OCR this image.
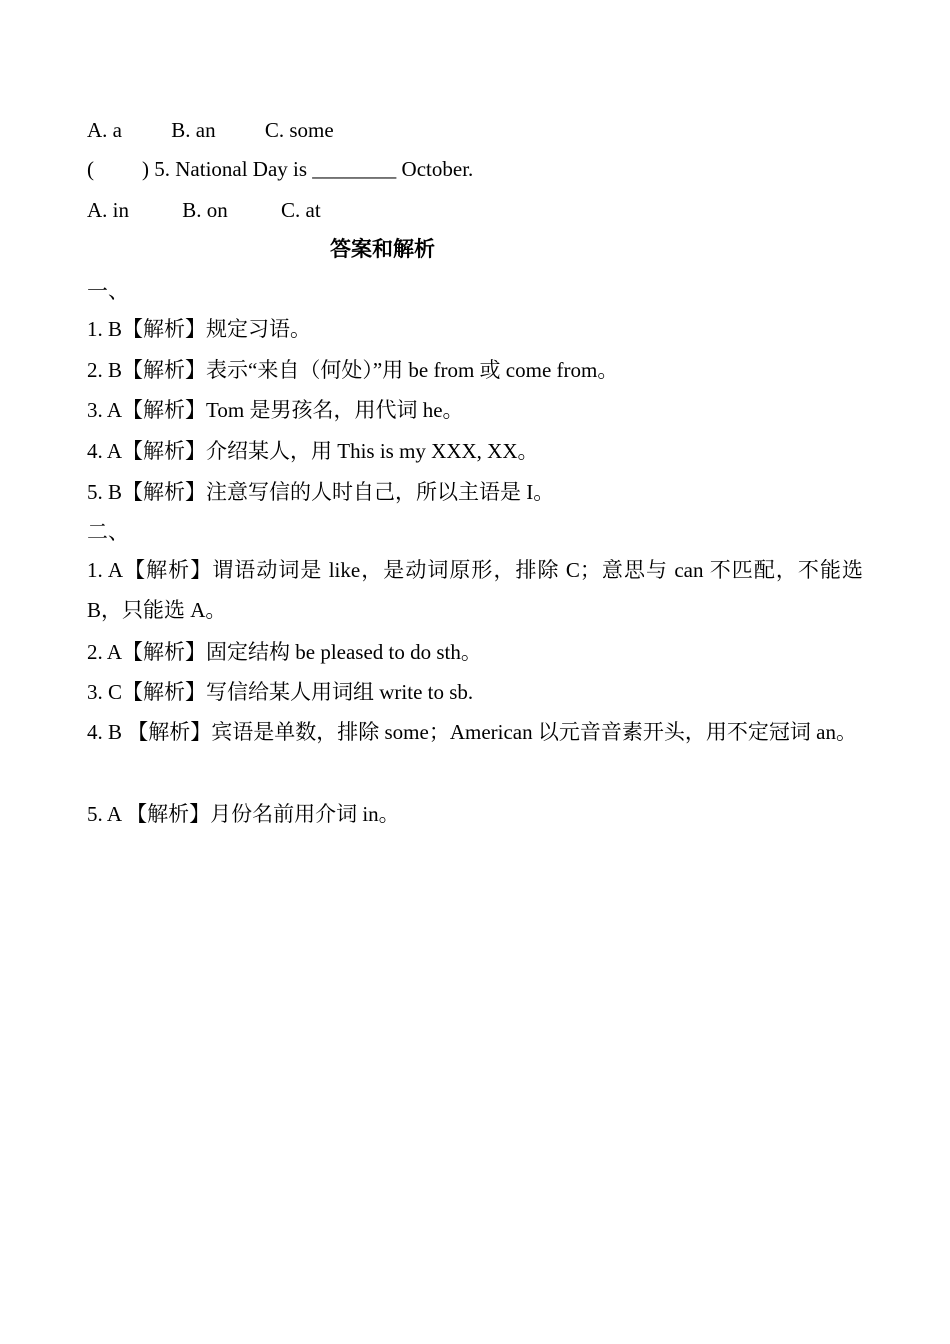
A. a B. an C. some
( ) 5. National Day is ________ October.
A. in	B. on	C. at
答案和解析
一、
1. B【解析】规定习语。
2. B【解析】表示“来自（何处）”用 be from 或 come from。
3. A【解析】Tom 是男孩名，用代词 he。
4. A【解析】介绍某人，用 This is my XXX, XX。
5. B【解析】注意写信的人时自己，所以主语是 I。
二、
1. A【解析】谓语动词是 like，是动词原形，排除 C；意思与 can 不匹配，不能选 B，只能选 A。
2. A【解析】固定结构 be pleased to do sth。
3. C【解析】写信给某人用词组 write to sb.
4. B 【解析】宾语是单数，排除 some；American 以元音音素开头，用不定冠词 an。
5. A 【解析】月份名前用介词 in。
